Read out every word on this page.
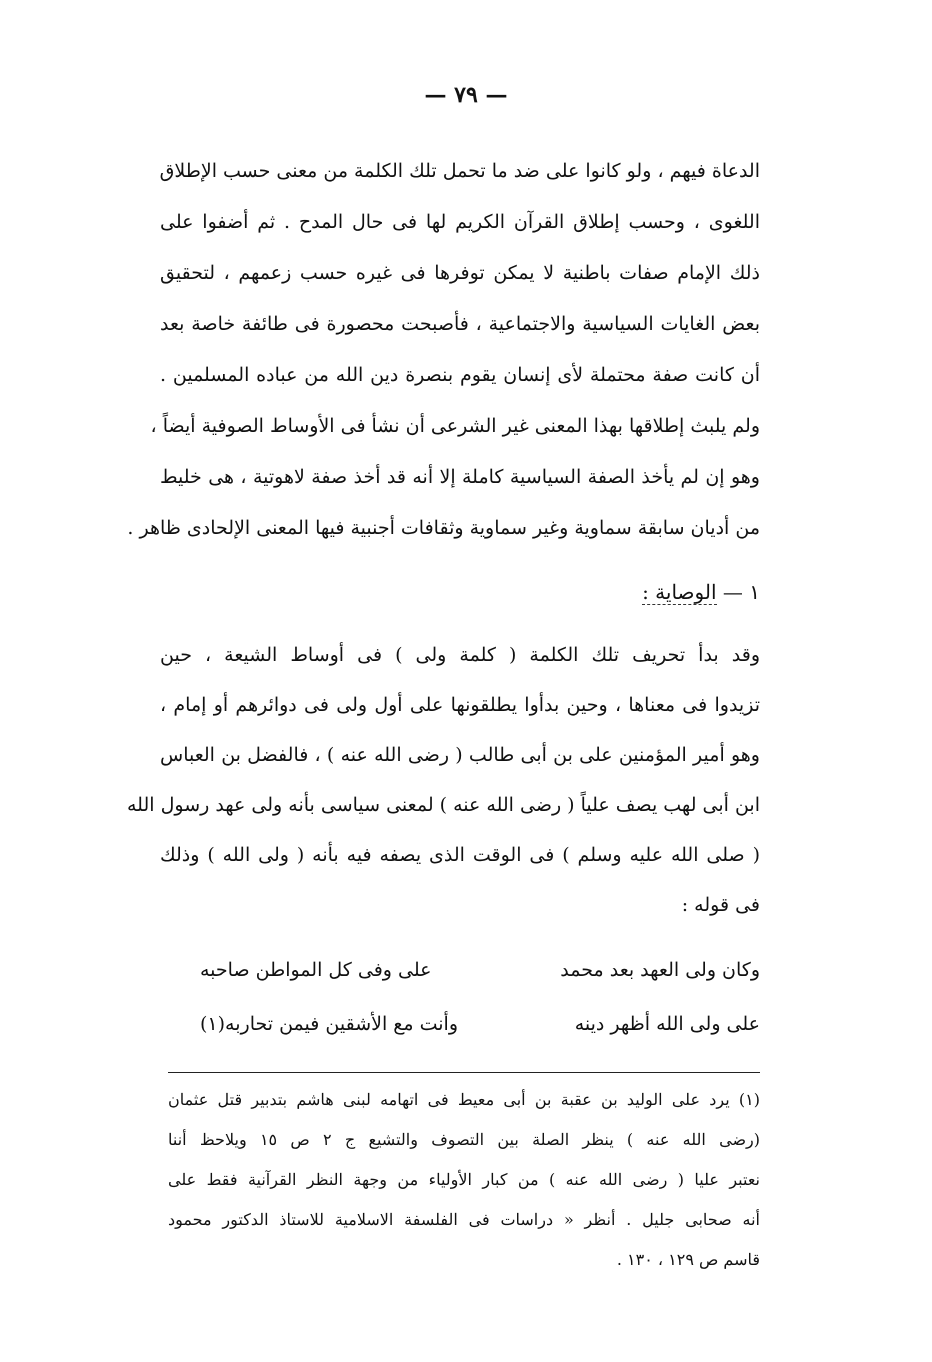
— ٧٩ —
الدعاة فيهم ، ولو كانوا على ضد ما تحمل تلك الكلمة من معنى حسب الإطلاق
اللغوى ، وحسب إطلاق القرآن الكريم لها فى حال المدح . ثم أضفوا على
ذلك الإمام صفات باطنية لا يمكن توفرها فى غيره حسب زعمهم ، لتحقيق
بعض الغايات السياسية والاجتماعية ، فأصبحت محصورة فى طائفة خاصة بعد
أن كانت صفة محتملة لأى إنسان يقوم بنصرة دين الله من عباده المسلمين .
ولم يلبث إطلاقها بهذا المعنى غير الشرعى أن نشأ فى الأوساط الصوفية أيضاً ،
وهو إن لم يأخذ الصفة السياسية كاملة إلا أنه قد أخذ صفة لاهوتية ، هى خليط
من أديان سابقة سماوية وغير سماوية وثقافات أجنبية فيها المعنى الإلحادى ظاهر .
١ — الوصاية :
وقد بدأ تحريف تلك الكلمة ( كلمة ولى ) فى أوساط الشيعة ، حين
تزيدوا فى معناها ، وحين بدأوا يطلقونها على أول ولى فى دوائرهم أو إمام ،
وهو أمير المؤمنين على بن أبى طالب ( رضى الله عنه ) ، فالفضل بن العباس
ابن أبى لهب يصف علياً ( رضى الله عنه ) لمعنى سياسى بأنه ولى عهد رسول الله
( صلى الله عليه وسلم ) فى الوقت الذى يصفه فيه بأنه ( ولى الله ) وذلك
فى قوله :
وكان ولى العهد بعد محمد
على وفى كل المواطن صاحبه
على ولى الله أظهر دينه
وأنت مع الأشقين فيمن تحاربه(١)
(١) يرد على الوليد بن عقبة بن أبى معيط فى اتهامه لبنى هاشم بتدبير قتل عثمان
(رضى الله عنه ) ينظر الصلة بين التصوف والتشيع ج ٢ ص ١٥ ويلاحظ أننا
نعتبر عليا ( رضى الله عنه ) من كبار الأولياء من وجهة النظر القرآنية فقط على
أنه صحابى جليل . أنظر « دراسات فى الفلسفة الاسلامية للاستاذ الدكتور محمود
قاسم ص ١٢٩ ، ١٣٠ .
